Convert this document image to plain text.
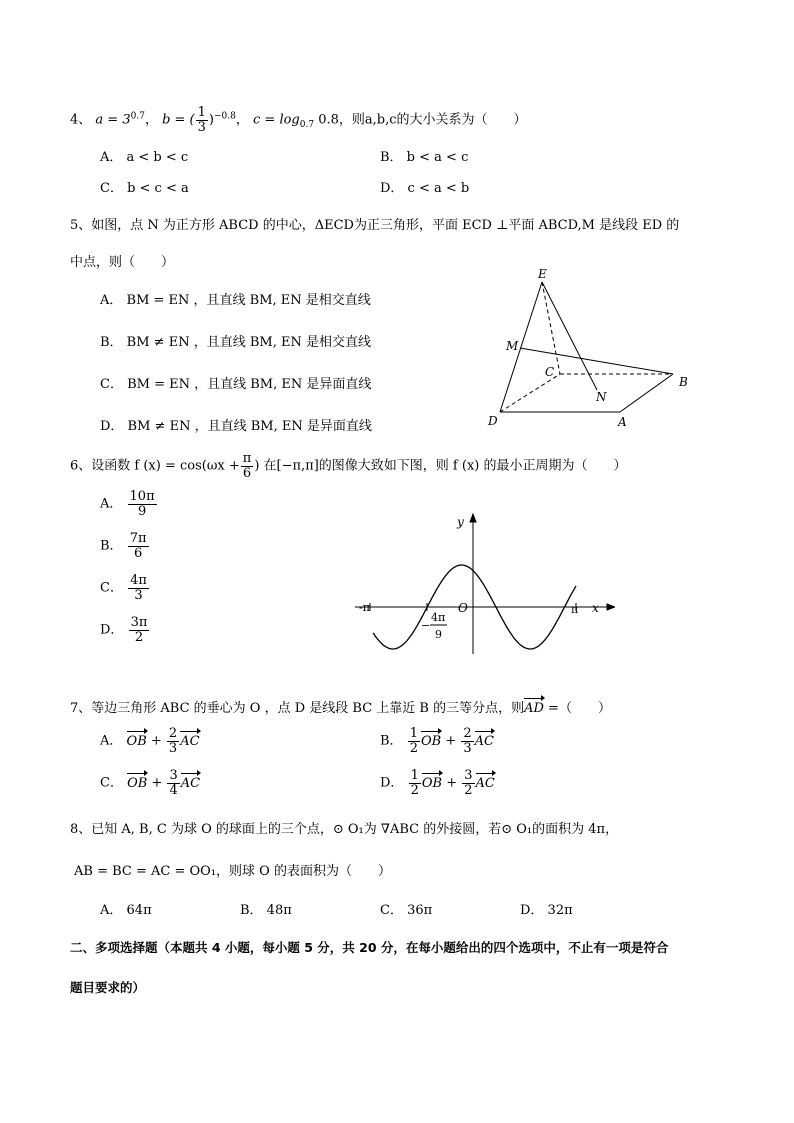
4、 $a = 3^{0.7}$， b = ( $\frac{1}{3} )^{-0.8}$， $c = \log_{0.7} 0.8$，则a,b,c的大小关系为（　　）
A． a < b < c	B． b < a < c
C． b < c < a	D． c < a < b
5、如图，点 N 为正方形 ABCD 的中心，ΔECD为正三角形，平面 ECD ⊥平面 ABCD,M 是线段 ED 的
中点，则（　　）
A． BM = EN ，且直线 BM, EN 是相交直线
B． BM ≠ EN ，且直线 BM, EN 是相交直线
C． BM = EN ，且直线 BM, EN 是异面直线
D． BM ≠ EN ，且直线 BM, EN 是异面直线
E
M
C
N
B
D	A
6、设函数 f $(x) = \cos(\omega x + \frac{\pi}{6}$ ) 在[−π,π]的图像大致如下图，则 f (x) 的最小正周期为（　　）
A． $\frac{10\pi}{9}$
B． $\frac{7\pi}{6}$
C． $\frac{4\pi}{3}$
D． $\frac{3\pi}{2}$
y
x
O
-π	π
−
4π
9
7、等边三角形 ABC 的垂心为 O ，点 D 是线段 BC 上靠近 B 的三等分点，则AD =（　　）
A． OB + $\frac{2}{3}$ AC	B． $\frac{1}{2}$ OB + $\frac{2}{3}$ AC
C． OB + $\frac{3}{4}$ AC	D． $\frac{1}{2}$ OB + $\frac{3}{2}$ AC
8、已知 A, B, C 为球 O 的球面上的三个点，⊙ O₁为 ∇ABC 的外接圆，若⊙ O₁的面积为 4π，
AB = BC = AC = OO₁，则球 O 的表面积为（　　）
A． 64π	B． 48π	C． 36π	D． 32π
二、多项选择题（本题共 4 小题，每小题 5 分，共 20 分，在每小题给出的四个选项中，不止有一项是符合
题目要求的）
